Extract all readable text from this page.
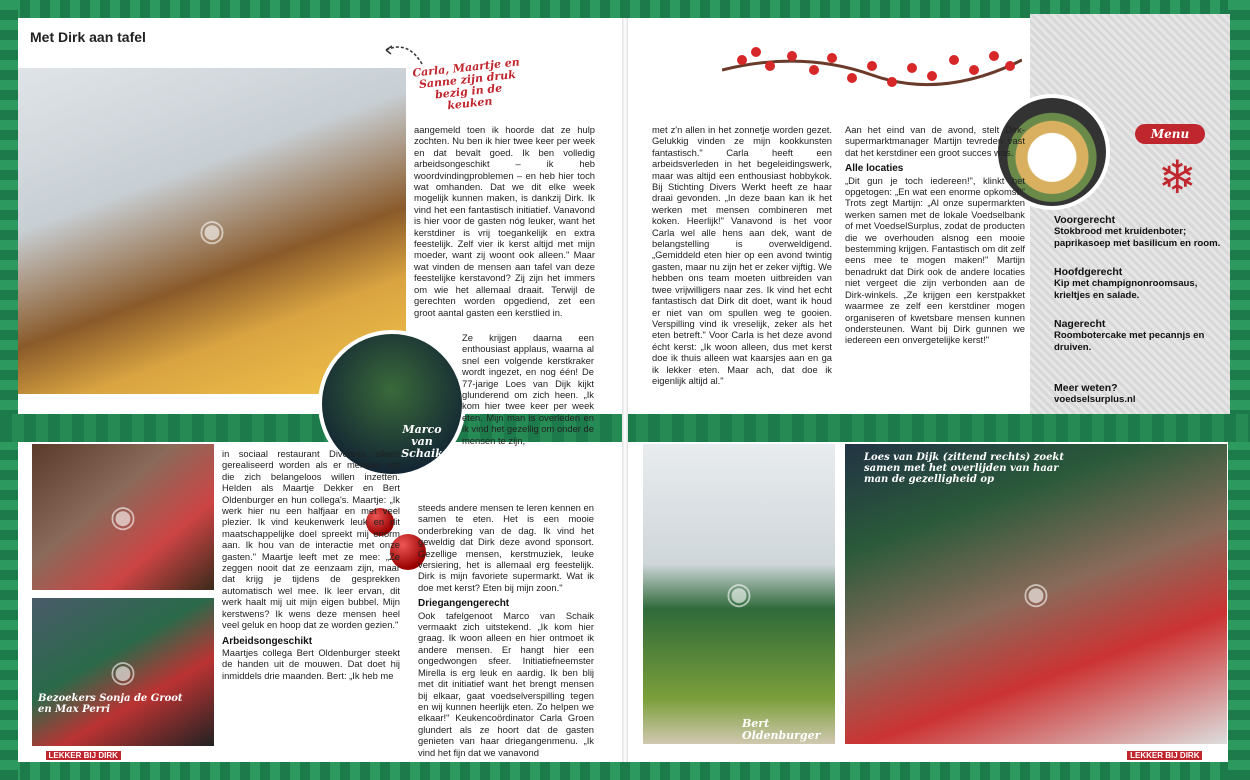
Met Dirk aan tafel
◉
◉
◉
◉	◉
Carla, Maartje en Sanne zijn druk bezig in de keuken
Marco van Schaik
Bezoekers Sonja de Groot en Max Perri
Bert Oldenburger
Loes van Dijk (zittend rechts) zoekt samen met het overlijden van haar man de gezelligheid op

aangemeld toen ik hoorde dat ze hulp zochten. Nu ben ik hier twee keer per week en dat bevalt goed. Ik ben volledig arbeidsongeschikt – ik heb woordvindingproblemen – en heb hier toch wat omhanden. Dat we dit elke week mogelijk kunnen maken, is dankzij Dirk. Ik vind het een fantastisch initiatief. Vanavond is hier voor de gasten nóg leuker, want het kerstdiner is vrij toegankelijk en extra feestelijk. Zelf vier ik kerst altijd met mijn moeder, want zij woont ook alleen." Maar wat vinden de mensen aan tafel van deze feestelijke kerstavond? Zij zijn het immers om wie het allemaal draait. Terwijl de gerechten worden opgediend, zet een groot aantal gasten een kerstlied in.

Ze krijgen daarna een enthousiast applaus, waarna al snel een volgende kerstkraker wordt ingezet, en nog één! De 77-jarige Loes van Dijk kijkt glunderend om zich heen. „Ik kom hier twee keer per week eten. Mijn man is overleden en ik vind het gezellig om onder de mensen te zijn,

steeds andere mensen te leren kennen en samen te eten. Het is een mooie onderbreking van de dag. Ik vind het geweldig dat Dirk deze avond sponsort. Gezellige mensen, kerstmuziek, leuke versiering, het is allemaal erg feestelijk. Dirk is mijn favoriete supermarkt. Wat ik doe met kerst? Eten bij mijn zoon."

Driegangengerecht

Ook tafelgenoot Marco van Schaik vermaakt zich uitstekend. „Ik kom hier graag. Ik woon alleen en hier ontmoet ik andere mensen. Er hangt hier een ongedwongen sfeer. Initiatiefneemster Mirella is erg leuk en aardig. Ik ben blij met dit initiatief want het brengt mensen bij elkaar, gaat voedselverspilling tegen en wij kunnen heerlijk eten. Zo helpen we elkaar!" Keukencoördinator Carla Groen glundert als ze hoort dat de gasten genieten van haar driegangenmenu. „Ik vind het fijn dat we vanavond

in sociaal restaurant Diversas alleen gerealiseerd worden als er mensen zijn die zich belangeloos willen inzetten. Helden als Maartje Dekker en Bert Oldenburger en hun collega's. Maartje: „Ik werk hier nu een halfjaar en met veel plezier. Ik vind keukenwerk leuk en dit maatschappelijke doel spreekt mij enorm aan. Ik hou van de interactie met onze gasten." Maartje leeft met ze mee: „Ze zeggen nooit dat ze eenzaam zijn, maar dat krijg je tijdens de gesprekken automatisch wel mee. Ik leer ervan, dit werk haalt mij uit mijn eigen bubbel. Mijn kerstwens? Ik wens deze mensen heel veel geluk en hoop dat ze worden gezien."

Arbeidsongeschikt

Maartjes collega Bert Oldenburger steekt de handen uit de mouwen. Dat doet hij inmiddels drie maanden. Bert: „Ik heb me

met z'n allen in het zonnetje worden gezet. Gelukkig vinden ze mijn kookkunsten fantastisch." Carla heeft een arbeidsverleden in het begeleidingswerk, maar was altijd een enthousiast hobbykok. Bij Stichting Divers Werkt heeft ze haar draai gevonden. „In deze baan kan ik het werken met mensen combineren met koken. Heerlijk!" Vanavond is het voor Carla wel alle hens aan dek, want de belangstelling is overweldigend. „Gemiddeld eten hier op een avond twintig gasten, maar nu zijn het er zeker vijftig. We hebben ons team moeten uitbreiden van twee vrijwilligers naar zes. Ik vind het echt fantastisch dat Dirk dit doet, want ik houd er niet van om spullen weg te gooien. Verspilling vind ik vreselijk, zeker als het eten betreft." Voor Carla is het deze avond écht kerst: „Ik woon alleen, dus met kerst doe ik thuis alleen wat kaarsjes aan en ga ik lekker eten. Maar ach, dat doe ik eigenlijk altijd al."

Aan het eind van de avond, stelt Dirk-supermarktmanager Martijn tevreden vast dat het kerstdiner een groot succes was.

Alle locaties

„Dit gun je toch iedereen!", klinkt het opgetogen: „En wat een enorme opkomst!" Trots zegt Martijn: „Al onze supermarkten werken samen met de lokale Voedselbank of met VoedselSurplus, zodat de producten die we overhouden alsnog een mooie bestemming krijgen. Fantastisch om dit zelf eens mee te mogen maken!" Martijn benadrukt dat Dirk ook de andere locaties niet vergeet die zijn verbonden aan de Dirk-winkels. „Ze krijgen een kerstpakket waarmee ze zelf een kerstdiner mogen organiseren of kwetsbare mensen kunnen ondersteunen. Want bij Dirk gunnen we iedereen een onvergetelijke kerst!"

Menu
❄
Voorgerecht
Stokbrood met kruidenboter; paprikasoep met basilicum en room.
Hoofdgerecht
Kip met champignonroomsaus, krieltjes en salade.
Nagerecht
Roombotercake met pecannjs en druiven.
Meer weten?
voedselsurplus.nl
26 LEKKER BIJ DIRK december 2023	december 2023 LEKKER BIJ DIRK 27
